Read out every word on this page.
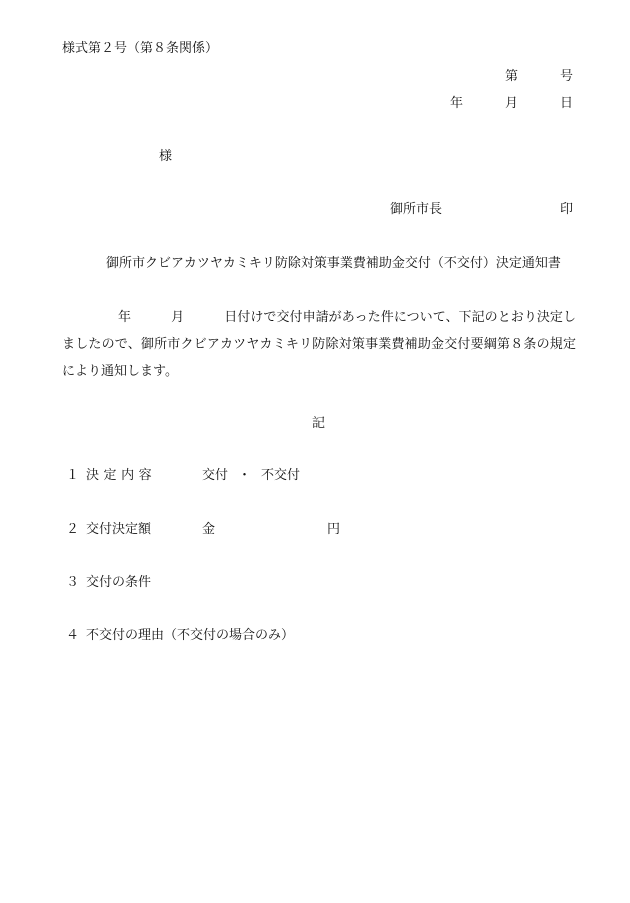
様式第２号（第８条関係）
第	号
年	月	日
様
御所市長	印
御所市クビアカツヤカミキリ防除対策事業費補助金交付（不交付）決定通知書
年	月	日付けで交付申請があった件について、下記のとおり決定しましたので、御所市クビアカツヤカミキリ防除対策事業費補助金交付要綱第８条の規定により通知します。
記
１ 決定内容	交付 ・ 不交付
２ 交付決定額	金	円
３ 交付の条件
４ 不交付の理由（不交付の場合のみ）
